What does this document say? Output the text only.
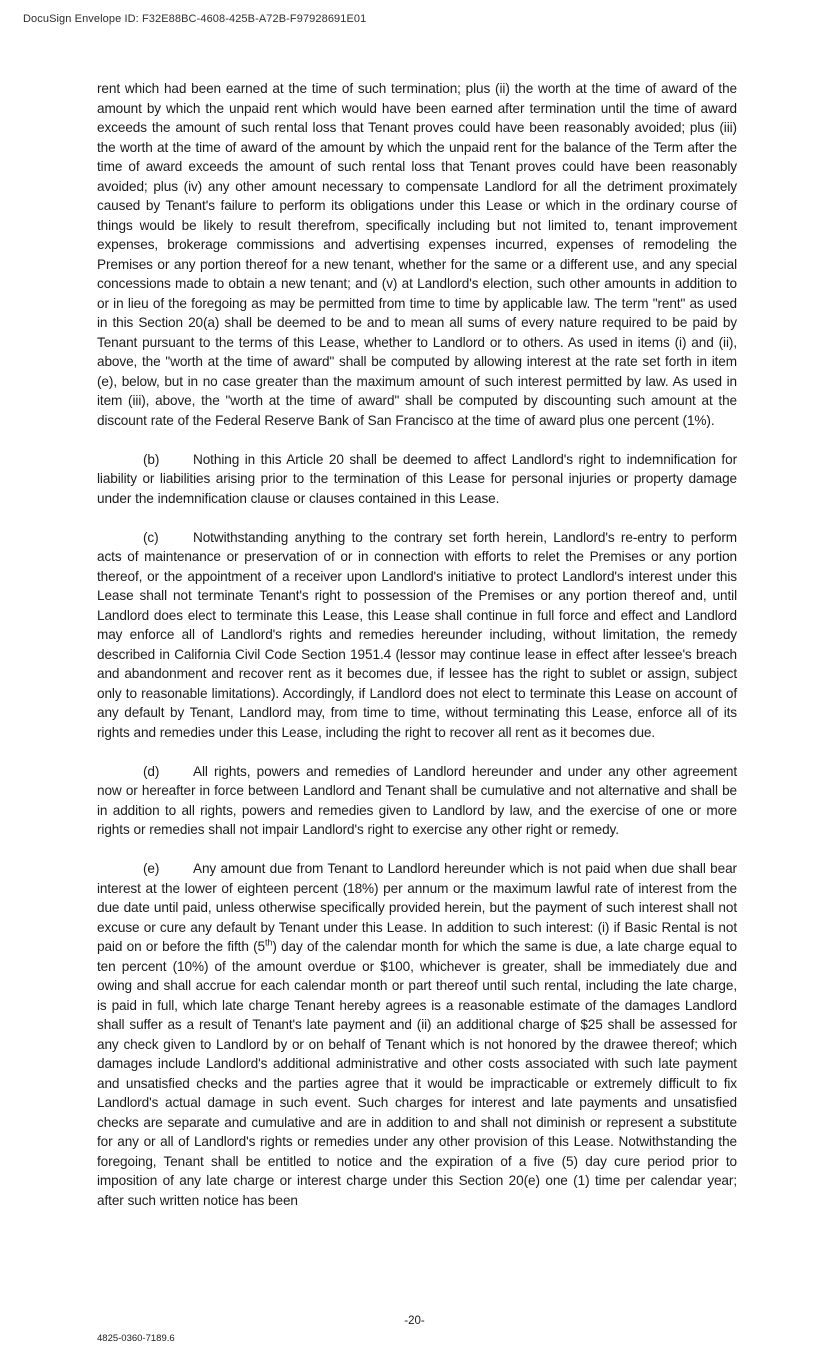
DocuSign Envelope ID: F32E88BC-4608-425B-A72B-F97928691E01

rent which had been earned at the time of such termination; plus (ii) the worth at the time of award of the amount by which the unpaid rent which would have been earned after termination until the time of award exceeds the amount of such rental loss that Tenant proves could have been reasonably avoided; plus (iii) the worth at the time of award of the amount by which the unpaid rent for the balance of the Term after the time of award exceeds the amount of such rental loss that Tenant proves could have been reasonably avoided; plus (iv) any other amount necessary to compensate Landlord for all the detriment proximately caused by Tenant's failure to perform its obligations under this Lease or which in the ordinary course of things would be likely to result therefrom, specifically including but not limited to, tenant improvement expenses, brokerage commissions and advertising expenses incurred, expenses of remodeling the Premises or any portion thereof for a new tenant, whether for the same or a different use, and any special concessions made to obtain a new tenant; and (v) at Landlord's election, such other amounts in addition to or in lieu of the foregoing as may be permitted from time to time by applicable law. The term "rent" as used in this Section 20(a) shall be deemed to be and to mean all sums of every nature required to be paid by Tenant pursuant to the terms of this Lease, whether to Landlord or to others. As used in items (i) and (ii), above, the "worth at the time of award" shall be computed by allowing interest at the rate set forth in item (e), below, but in no case greater than the maximum amount of such interest permitted by law. As used in item (iii), above, the "worth at the time of award" shall be computed by discounting such amount at the discount rate of the Federal Reserve Bank of San Francisco at the time of award plus one percent (1%).

(b) Nothing in this Article 20 shall be deemed to affect Landlord's right to indemnification for liability or liabilities arising prior to the termination of this Lease for personal injuries or property damage under the indemnification clause or clauses contained in this Lease.

(c)	Notwithstanding anything to the contrary set forth herein, Landlord's re-entry to perform acts of maintenance or preservation of or in connection with efforts to relet the Premises or any portion thereof, or the appointment of a receiver upon Landlord's initiative to protect Landlord's interest under this Lease shall not terminate Tenant's right to possession of the Premises or any portion thereof and, until Landlord does elect to terminate this Lease, this Lease shall continue in full force and effect and Landlord may enforce all of Landlord's rights and remedies hereunder including, without limitation, the remedy described in California Civil Code Section 1951.4 (lessor may continue lease in effect after lessee's breach and abandonment and recover rent as it becomes due, if lessee has the right to sublet or assign, subject only to reasonable limitations). Accordingly, if Landlord does not elect to terminate this Lease on account of any default by Tenant, Landlord may, from time to time, without terminating this Lease, enforce all of its rights and remedies under this Lease, including the right to recover all rent as it becomes due.

(d) All rights, powers and remedies of Landlord hereunder and under any other agreement now or hereafter in force between Landlord and Tenant shall be cumulative and not alternative and shall be in addition to all rights, powers and remedies given to Landlord by law, and the exercise of one or more rights or remedies shall not impair Landlord's right to exercise any other right or remedy.

(e) Any amount due from Tenant to Landlord hereunder which is not paid when due shall bear interest at the lower of eighteen percent (18%) per annum or the maximum lawful rate of interest from the due date until paid, unless otherwise specifically provided herein, but the payment of such interest shall not excuse or cure any default by Tenant under this Lease. In addition to such interest: (i) if Basic Rental is not paid on or before the fifth (5th) day of the calendar month for which the same is due, a late charge equal to ten percent (10%) of the amount overdue or $100, whichever is greater, shall be immediately due and owing and shall accrue for each calendar month or part thereof until such rental, including the late charge, is paid in full, which late charge Tenant hereby agrees is a reasonable estimate of the damages Landlord shall suffer as a result of Tenant's late payment and (ii) an additional charge of $25 shall be assessed for any check given to Landlord by or on behalf of Tenant which is not honored by the drawee thereof; which damages include Landlord's additional administrative and other costs associated with such late payment and unsatisfied checks and the parties agree that it would be impracticable or extremely difficult to fix Landlord's actual damage in such event. Such charges for interest and late payments and unsatisfied checks are separate and cumulative and are in addition to and shall not diminish or represent a substitute for any or all of Landlord's rights or remedies under any other provision of this Lease. Notwithstanding the foregoing, Tenant shall be entitled to notice and the expiration of a five (5) day cure period prior to imposition of any late charge or interest charge under this Section 20(e) one (1) time per calendar year; after such written notice has been

-20-
4825-0360-7189.6
